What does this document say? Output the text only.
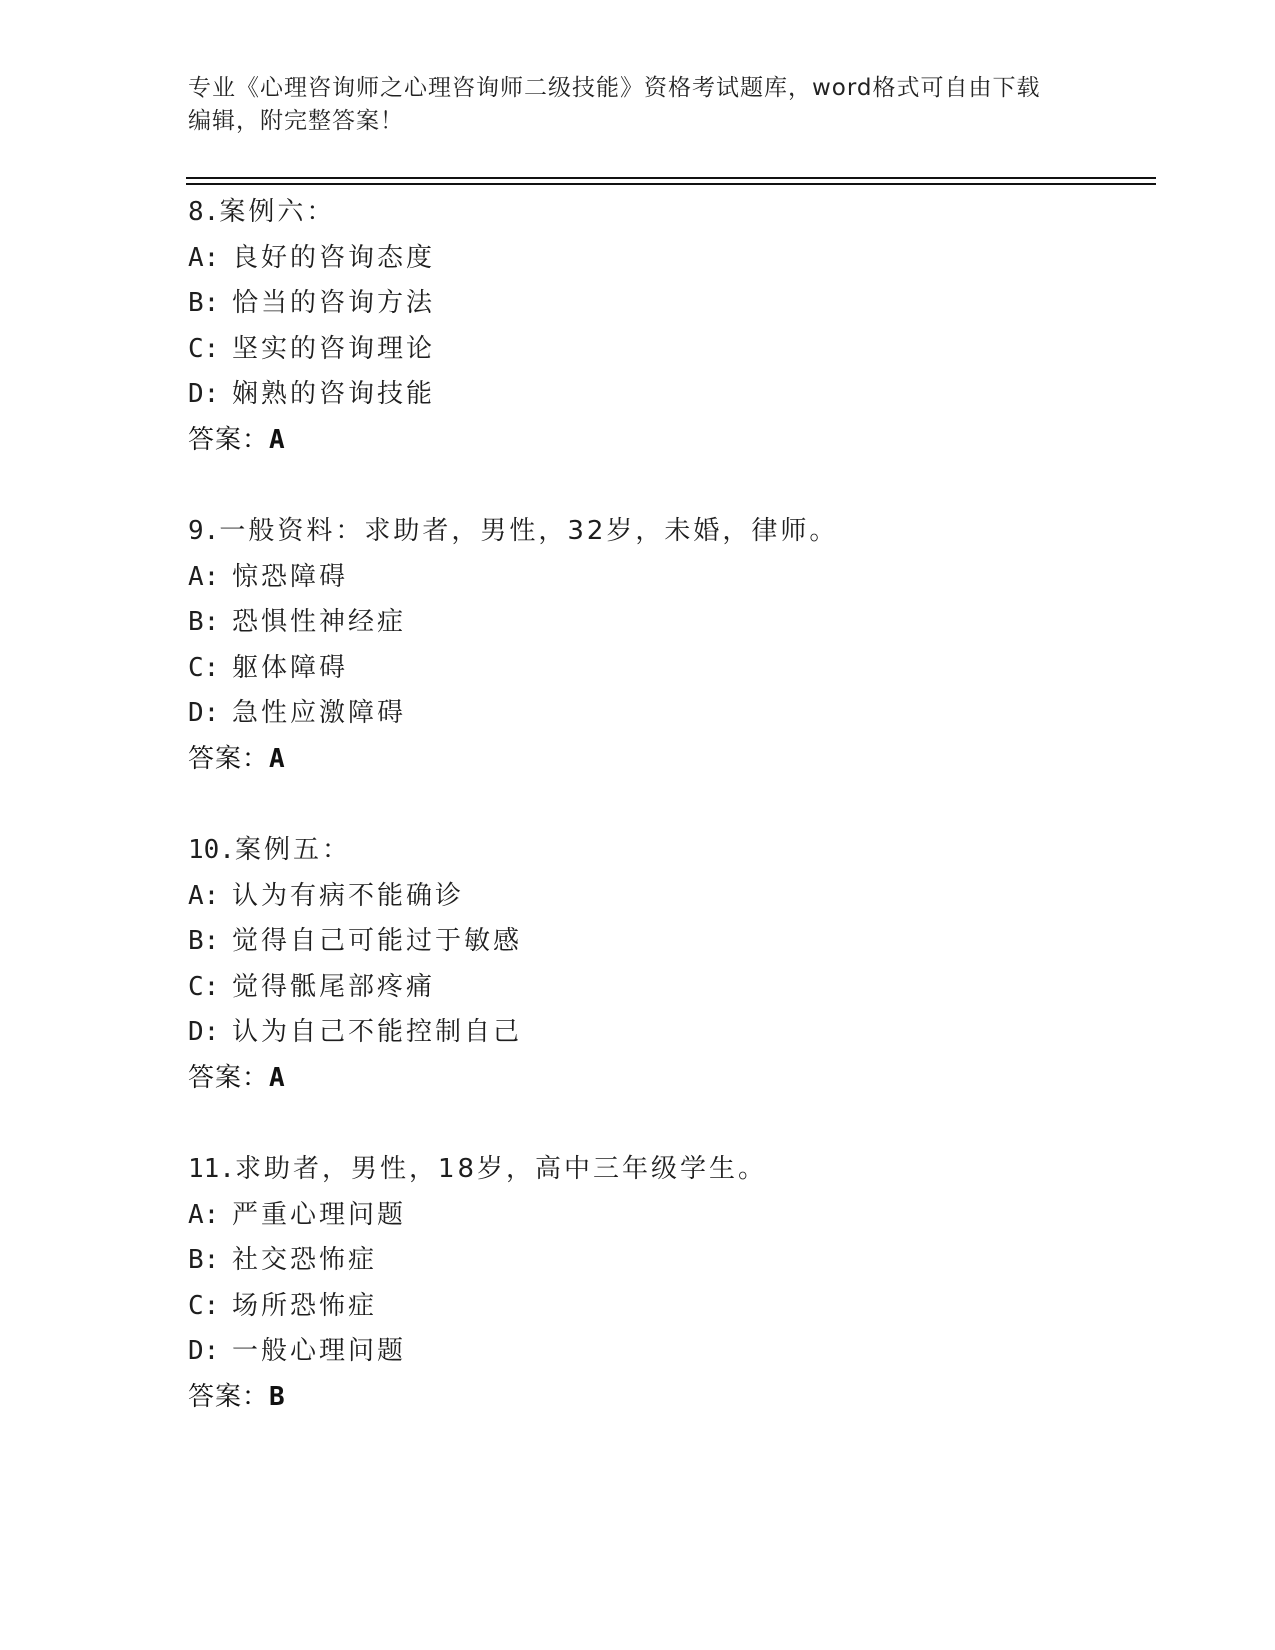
专业《心理咨询师之心理咨询师二级技能》资格考试题库，word格式可自由下载
编辑，附完整答案！
8.案例六：
A: 良好的咨询态度
B: 恰当的咨询方法
C: 坚实的咨询理论
D: 娴熟的咨询技能
答案：A
9.一般资料：求助者，男性，32岁，未婚，律师。
A: 惊恐障碍
B: 恐惧性神经症
C: 躯体障碍
D: 急性应激障碍
答案：A
10.案例五：
A: 认为有病不能确诊
B: 觉得自己可能过于敏感
C: 觉得骶尾部疼痛
D: 认为自己不能控制自己
答案：A
11.求助者，男性，18岁，高中三年级学生。
A: 严重心理问题
B: 社交恐怖症
C: 场所恐怖症
D: 一般心理问题
答案：B
